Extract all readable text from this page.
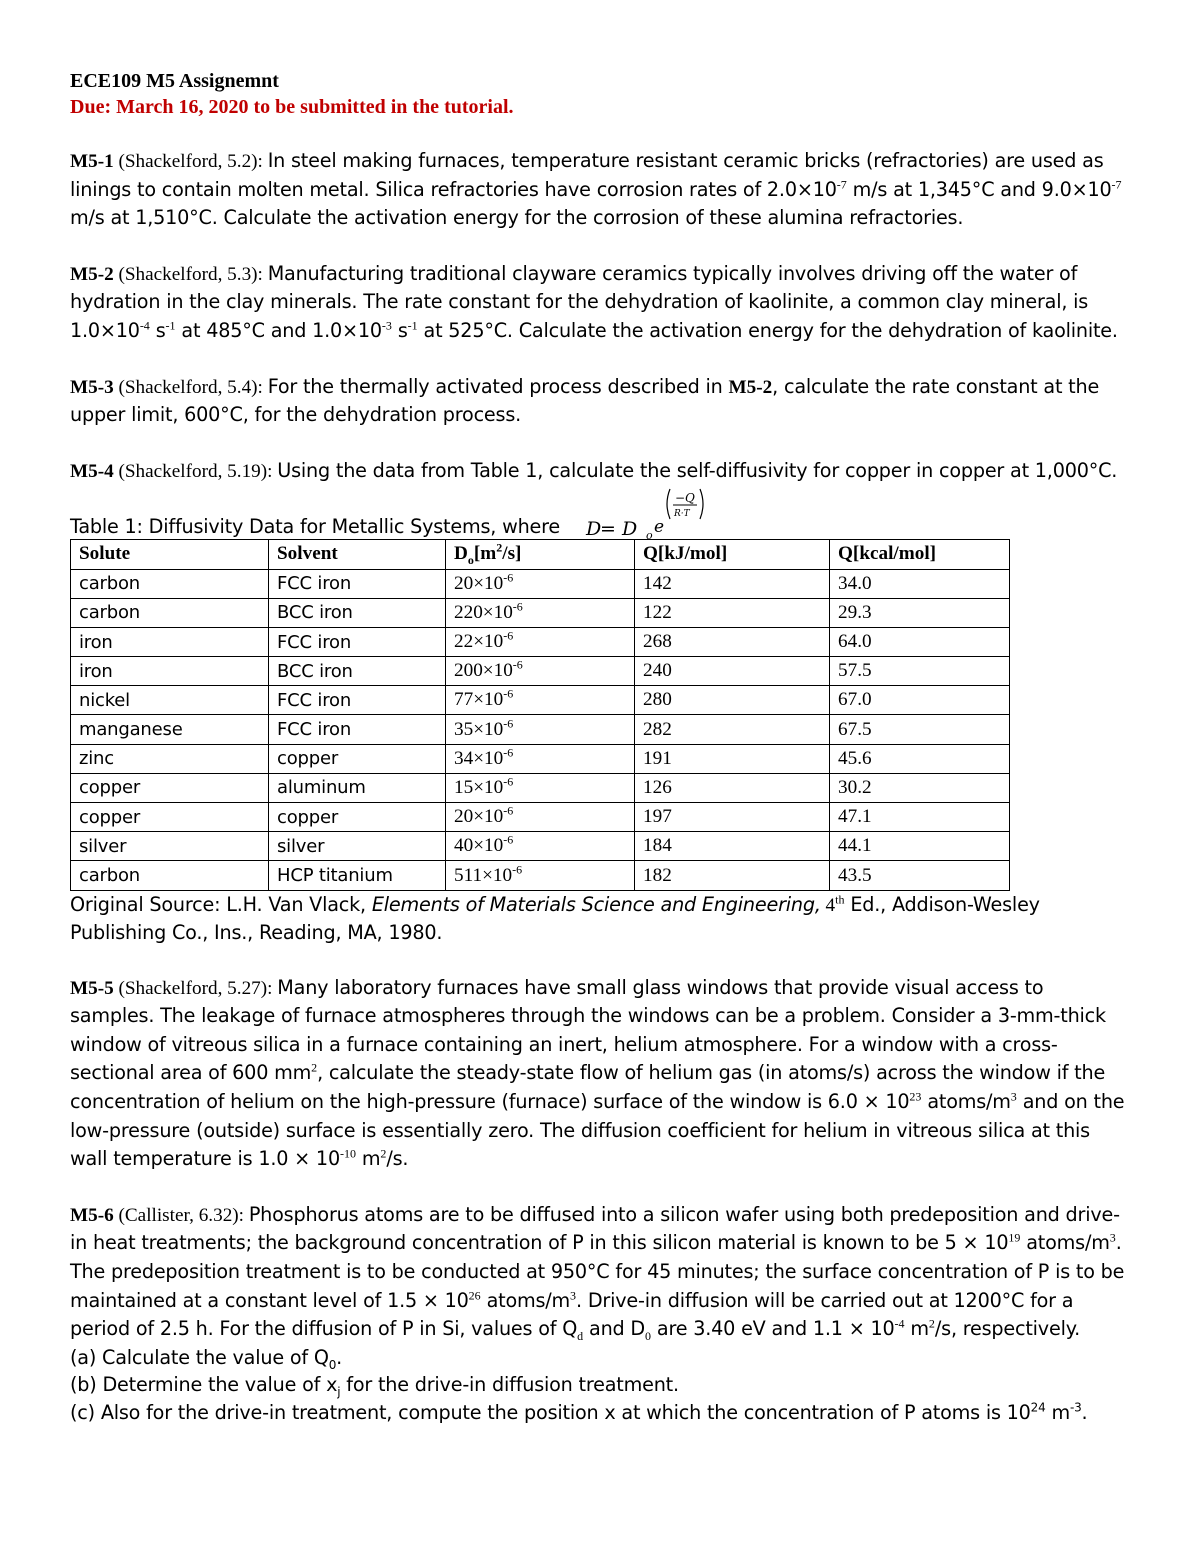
ECE109 M5 Assignemnt
Due: March 16, 2020 to be submitted in the tutorial.

M5-1 (Shackelford, 5.2): In steel making furnaces, temperature resistant ceramic bricks (refractories) are used as linings to contain molten metal. Silica refractories have corrosion rates of $2.0\times 10^{-7}$ m/s at 1,345°C and $9.0\times 10^{-7}$ m/s at 1,510°C. Calculate the activation energy for the corrosion of these alumina refractories.

M5-2 (Shackelford, 5.3): Manufacturing traditional clayware ceramics typically involves driving off the water of hydration in the clay minerals. The rate constant for the dehydration of kaolinite, a common clay mineral, is $1.0\times 10^{-4}$ $s^{-1}$ at 485°C and $1.0\times 10^{-3}$ $s^{-1}$ at 525°C. Calculate the activation energy for the dehydration of kaolinite.

M5-3 (Shackelford, 5.4): For the thermally activated process described in M5-2, calculate the rate constant at the upper limit, 600°C, for the dehydration process.

M5-4 (Shackelford, 5.19): Using the data from Table 1, calculate the self-diffusivity for copper in copper at 1,000°C.

Table 1: Diffusivity Data for Metallic Systems, where D
= D o e
−Q
R·T
Solute	Solvent	$D_o[m^2/s]$	Q[kJ/mol]	Q[kcal/mol]
carbon	FCC iron	$20\times 10^{-6}$	142	34.0
carbon	BCC iron	$220\times 10^{-6}$	122	29.3
iron	FCC iron	$22\times 10^{-6}$	268	64.0
iron	BCC iron	$200\times 10^{-6}$	240	57.5
nickel	FCC iron	$77\times 10^{-6}$	280	67.0
manganese	FCC iron	$35\times 10^{-6}$	282	67.5
zinc	copper	$34\times 10^{-6}$	191	45.6
copper	aluminum	$15\times 10^{-6}$	126	30.2
copper	copper	$20\times 10^{-6}$	197	47.1
silver	silver	$40\times 10^{-6}$	184	44.1
carbon	HCP titanium	$511\times 10^{-6}$	182	43.5
Original Source: L.H. Van Vlack, Elements of Materials Science and Engineering, 4th Ed., Addison-Wesley Publishing Co., Ins., Reading, MA, 1980.

M5-5 (Shackelford, 5.27): Many laboratory furnaces have small glass windows that provide visual access to samples. The leakage of furnace atmospheres through the windows can be a problem. Consider a 3-mm-thick window of vitreous silica in a furnace containing an inert, helium atmosphere. For a window with a cross-sectional area of 600 $mm^2$, calculate the steady-state flow of helium gas (in atoms/s) across the window if the concentration of helium on the high-pressure (furnace) surface of the window is $6.0 \times 10^{23}$ atoms/$m^3$ and on the low-pressure (outside) surface is essentially zero. The diffusion coefficient for helium in vitreous silica at this wall temperature is $1.0 \times 10^{-10}$ $m^2/s$.

M5-6 (Callister, 6.32): Phosphorus atoms are to be diffused into a silicon wafer using both predeposition and drive-in heat treatments; the background concentration of P in this silicon material is known to be $5 \times 10^{19}$ atoms/$m^3$. The predeposition treatment is to be conducted at 950°C for 45 minutes; the surface concentration of P is to be maintained at a constant level of $1.5 \times 10^{26}$ atoms/$m^3$. Drive-in diffusion will be carried out at 1200°C for a period of 2.5 h. For the diffusion of P in Si, values of $Q_d$ and $D_0$ are 3.40 eV and $1.1 \times 10^{-4}$ $m^2/s$, respectively.

(a) Calculate the value of $Q_0$.

(b) Determine the value of $x_j$ for the drive-in diffusion treatment.

(c) Also for the drive-in treatment, compute the position x at which the concentration of P atoms is $10^{24}$ $m^{-3}$.
